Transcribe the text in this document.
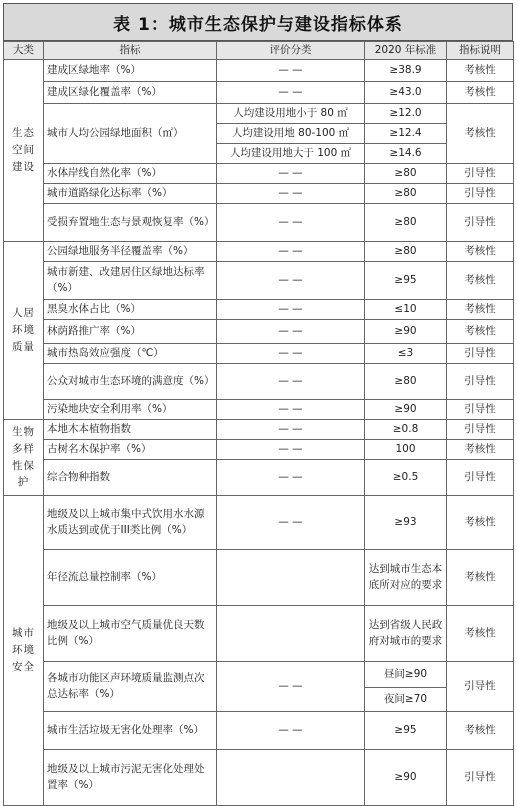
表 1：城市生态保护与建设指标体系
大类	指标	评价分类	2020 年标准	指标说明
生态空间建设	建成区绿地率（%）	— —	≥38.9	考核性
	建成区绿化覆盖率（%）	— —	≥43.0	考核性
	城市人均公园绿地面积（㎡）	人均建设用地小于 80 ㎡	≥12.0	考核性
		人均建设用地 80-100 ㎡	≥12.4	
		人均建设用地大于 100 ㎡	≥14.6	
	水体岸线自然化率（%）	— —	≥80	引导性
	城市道路绿化达标率（%）	— —	≥80	引导性
	受损弃置地生态与景观恢复率（%）	— —	≥80	引导性
人居环境质量	公园绿地服务半径覆盖率（%）	— —	≥80	考核性
	城市新建、改建居住区绿地达标率（%）	— —	≥95	考核性
	黑臭水体占比（%）	— —	≤10	考核性
	林荫路推广率（%）	— —	≥90	考核性
	城市热岛效应强度（℃）	— —	≤3	引导性
	公众对城市生态环境的满意度（%）	— —	≥80	引导性
	污染地块安全利用率（%）	— —	≥90	引导性
生物多样性保护	本地木本植物指数	— —	≥0.8	引导性
	古树名木保护率（%）	— —	100	考核性
	综合物种指数	— —	≥0.5	引导性
城市环境安全	地级及以上城市集中式饮用水水源水质达到或优于III类比例（%）	— —	≥93	考核性
	年径流总量控制率（%）		达到城市生态本底所对应的要求	考核性
	地级及以上城市空气质量优良天数比例（%）		达到省级人民政府对城市的要求	考核性
	各城市功能区声环境质量监测点次总达标率（%）	— —	昼间≥90	引导性
			夜间≥70	
	城市生活垃圾无害化处理率（%）	— —	≥95	考核性
	地级及以上城市污泥无害化处理处置率（%）		≥90	引导性
